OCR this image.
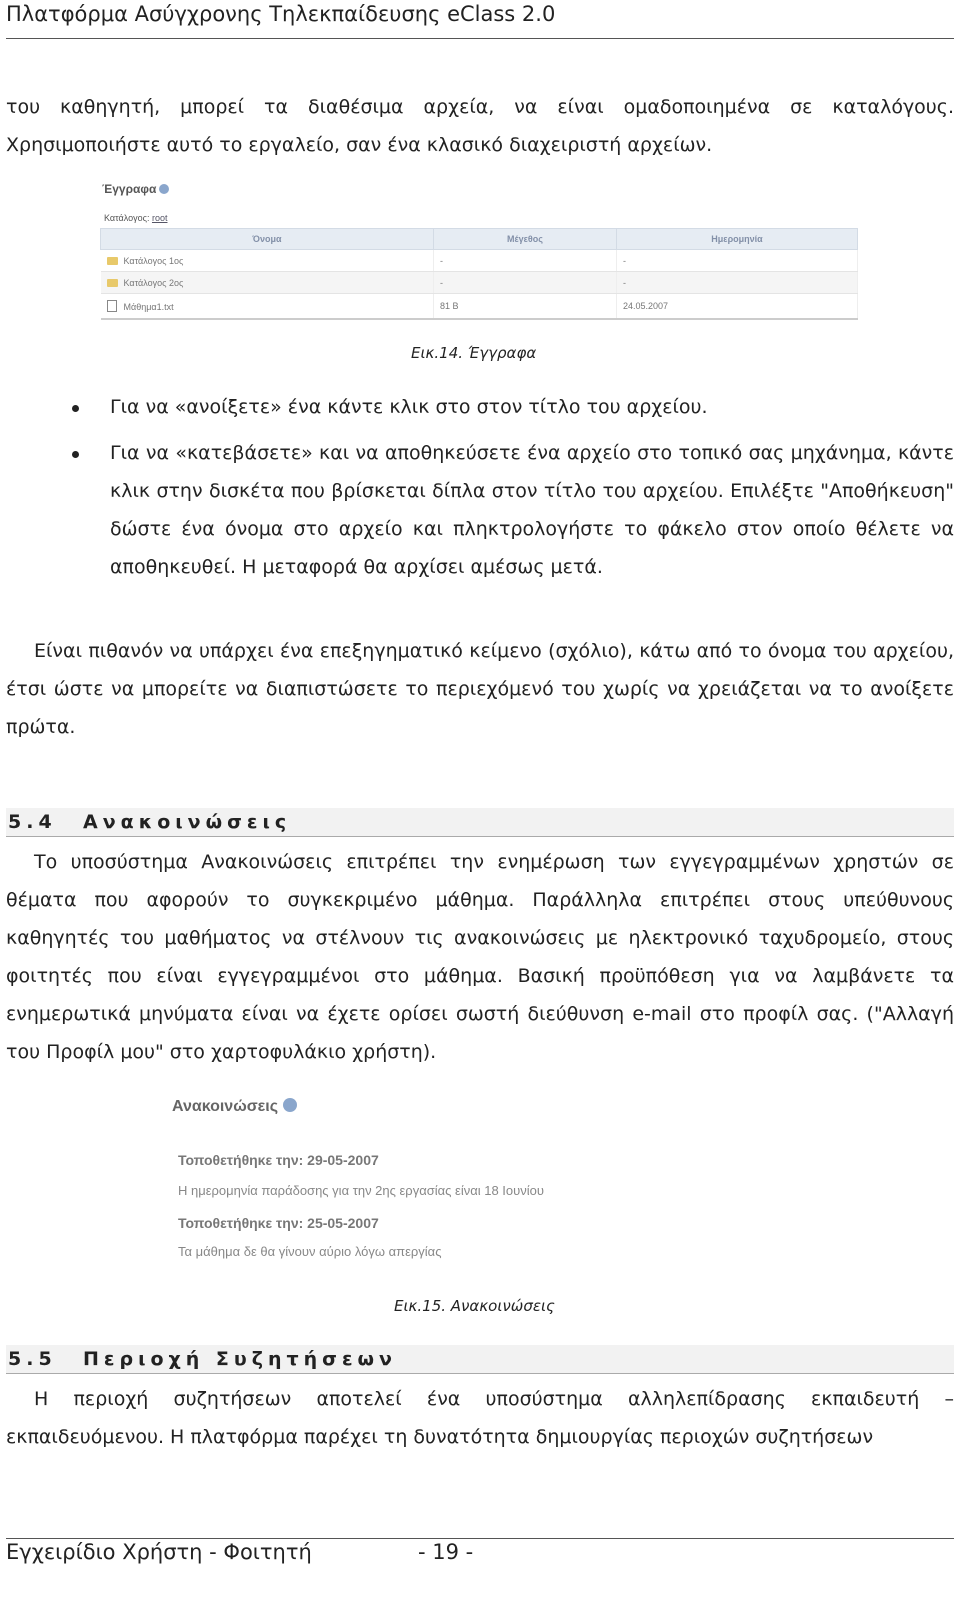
Πλατφόρμα Ασύγχρονης Τηλεκπαίδευσης eClass 2.0
του καθηγητή, μπορεί τα διαθέσιμα αρχεία, να είναι ομαδοποιημένα σε καταλόγους. Χρησιμοποιήστε αυτό το εργαλείο, σαν ένα κλασικό διαχειριστή αρχείων.
Έγγραφα
Κατάλογος: root
Όνομα	Μέγεθος	Ημερομηνία
Κατάλογος 1ος	-	-
Κατάλογος 2ος	-	-
Μάθημα1.txt	81 B	24.05.2007
Εικ.14. Έγγραφα
Για να «ανοίξετε» ένα κάντε κλικ στο στον τίτλο του αρχείου.
Για να «κατεβάσετε» και να αποθηκεύσετε ένα αρχείο στο τοπικό σας μηχάνημα, κάντε κλικ στην δισκέτα που βρίσκεται δίπλα στον τίτλο του αρχείου. Επιλέξτε "Αποθήκευση" δώστε ένα όνομα στο αρχείο και πληκτρολογήστε το φάκελο στον οποίο θέλετε να αποθηκευθεί. Η μεταφορά θα αρχίσει αμέσως μετά.
Είναι πιθανόν να υπάρχει ένα επεξηγηματικό κείμενο (σχόλιο), κάτω από το όνομα του αρχείου, έτσι ώστε να μπορείτε να διαπιστώσετε το περιεχόμενό του χωρίς να χρειάζεται να το ανοίξετε πρώτα.
5.4 Ανακοινώσεις
Το υποσύστημα Ανακοινώσεις επιτρέπει την ενημέρωση των εγγεγραμμένων χρηστών σε θέματα που αφορούν το συγκεκριμένο μάθημα. Παράλληλα επιτρέπει στους υπεύθυνους καθηγητές του μαθήματος να στέλνουν τις ανακοινώσεις με ηλεκτρονικό ταχυδρομείο, στους φοιτητές που είναι εγγεγραμμένοι στο μάθημα. Βασική προϋπόθεση για να λαμβάνετε τα ενημερωτικά μηνύματα είναι να έχετε ορίσει σωστή διεύθυνση e-mail στο προφίλ σας. ("Αλλαγή του Προφίλ μου" στο χαρτοφυλάκιο χρήστη).
Ανακοινώσεις
Τοποθετήθηκε την: 29-05-2007
Η ημερομηνία παράδοσης για την 2ης εργασίας είναι 18 Ιουνίου
Τοποθετήθηκε την: 25-05-2007
Τα μάθημα δε θα γίνουν αύριο λόγω απεργίας
Εικ.15. Ανακοινώσεις
5.5 Περιοχή Συζητήσεων
Η περιοχή συζητήσεων αποτελεί ένα υποσύστημα αλληλεπίδρασης εκπαιδευτή – εκπαιδευόμενου. Η πλατφόρμα παρέχει τη δυνατότητα δημιουργίας περιοχών συζητήσεων
Εγχειρίδιο Χρήστη - Φοιτητή	- 19 -
